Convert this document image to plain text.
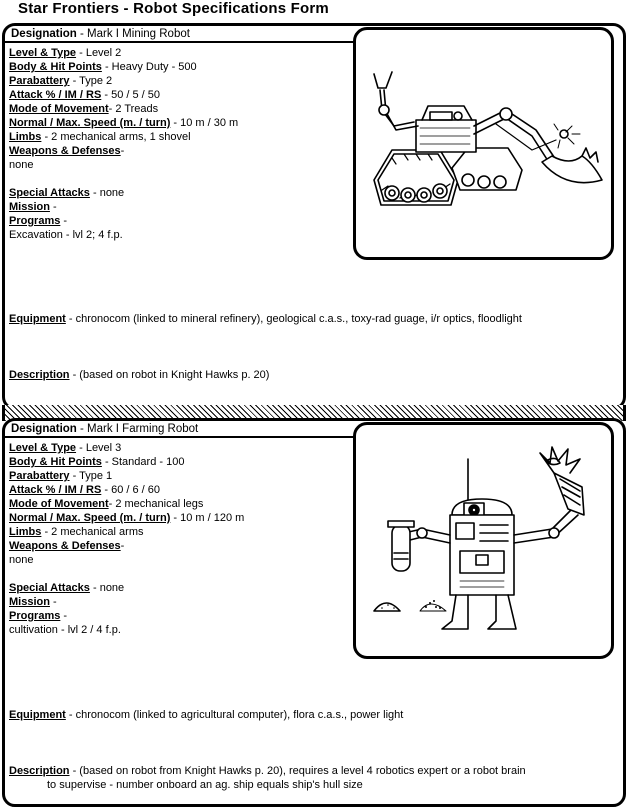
Star Frontiers - Robot Specifications Form
Designation - Mark I Mining Robot
Level & Type - Level 2
Body & Hit Points - Heavy Duty - 500
Parabattery - Type 2
Attack % / IM / RS - 50 / 5 / 50
Mode of Movement- 2 Treads
Normal / Max. Speed (m. / turn) - 10 m / 30 m
Limbs - 2 mechanical arms, 1 shovel
Weapons & Defenses-
none
Special Attacks - none
Mission -
Programs -
Excavation - lvl 2; 4 f.p.
Equipment - chronocom (linked to mineral refinery), geological c.a.s., toxy-rad guage, i/r optics, floodlight
Description - (based on robot in Knight Hawks p. 20)
Designation - Mark I Farming Robot
Level & Type - Level 3
Body & Hit Points - Standard - 100
Parabattery - Type 1
Attack % / IM / RS - 60 / 6 / 60
Mode of Movement- 2 mechanical legs
Normal / Max. Speed (m. / turn) - 10 m / 120 m
Limbs - 2 mechanical arms
Weapons & Defenses-
none
Special Attacks - none
Mission -
Programs -
cultivation - lvl 2 / 4 f.p.
Equipment - chronocom (linked to agricultural computer), flora c.a.s., power light
Description - (based on robot from Knight Hawks p. 20), requires a level 4 robotics expert or a robot brain
to supervise - number onboard an ag. ship equals ship's hull size
